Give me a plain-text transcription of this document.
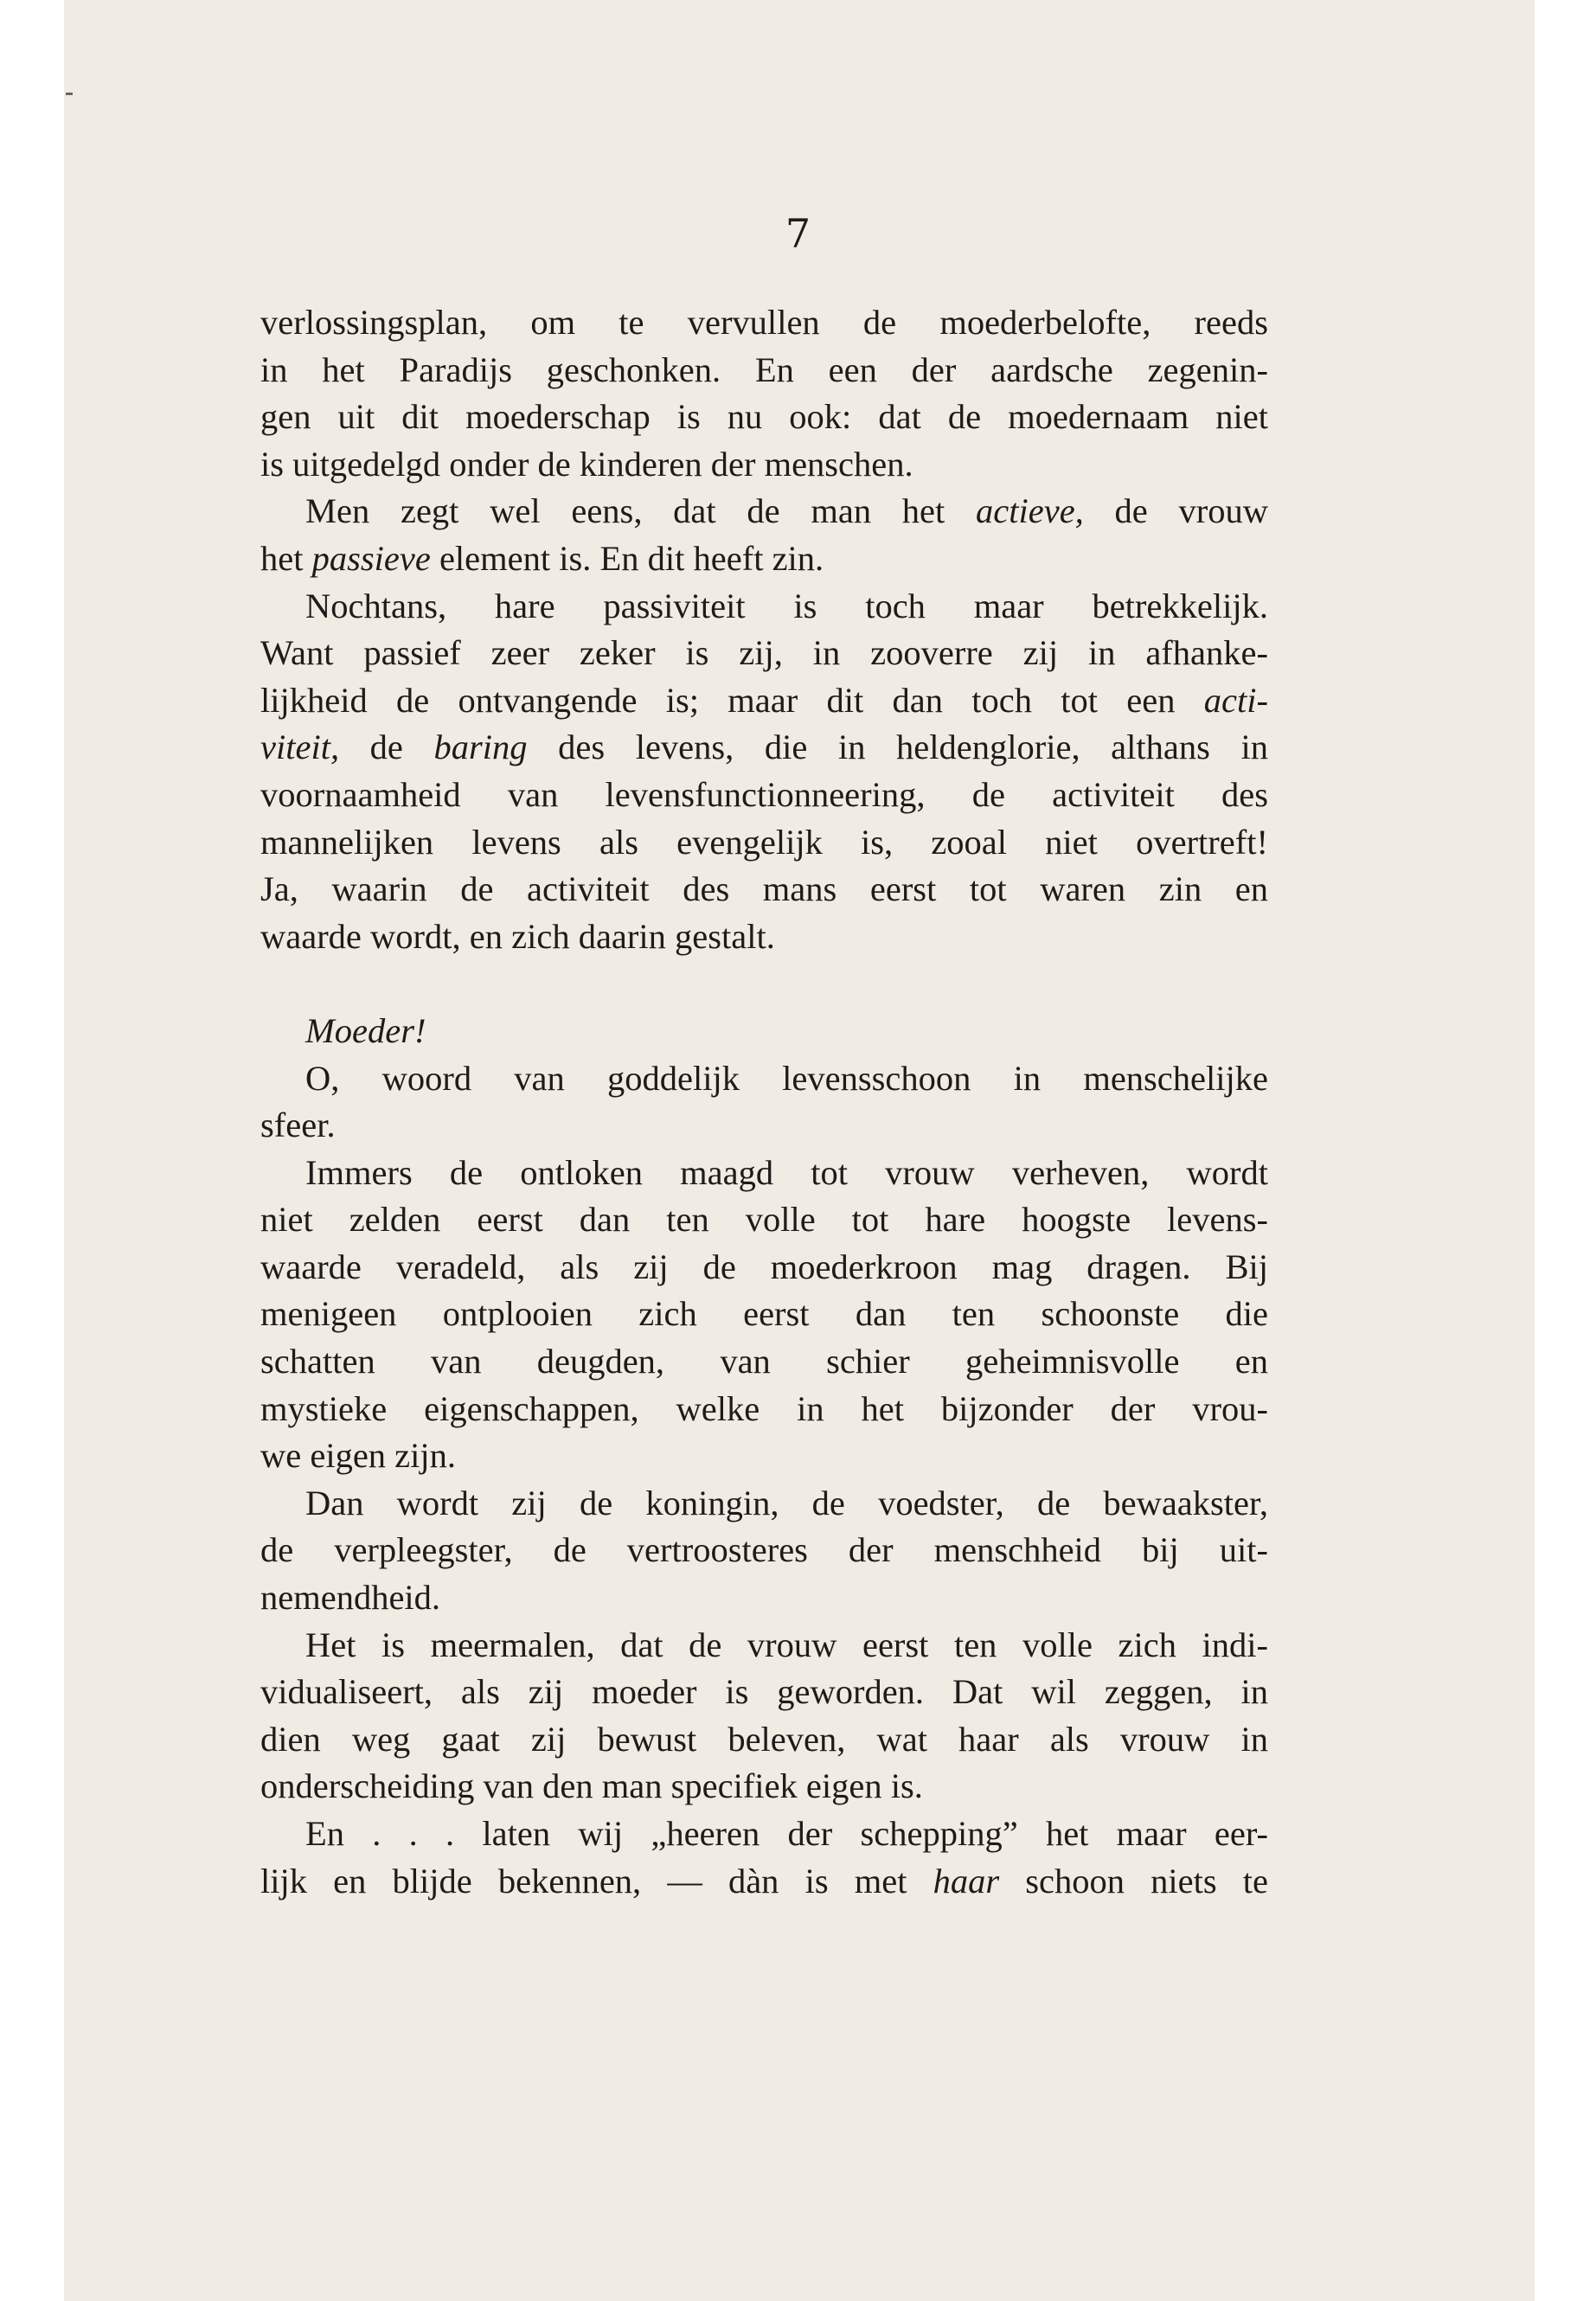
7

verlossingsplan, om te vervullen de moederbelofte, reeds
in het Paradijs geschonken. En een der aardsche zegenin-
gen uit dit moederschap is nu ook: dat de moedernaam niet
is uitgedelgd onder de kinderen der menschen.

Men zegt wel eens, dat de man het actieve, de vrouw
het passieve element is. En dit heeft zin.

Nochtans, hare passiviteit is toch maar betrekkelijk.
Want passief zeer zeker is zij, in zooverre zij in afhanke-
lijkheid de ontvangende is; maar dit dan toch tot een acti-
viteit, de baring des levens, die in heldenglorie, althans in
voornaamheid van levensfunctionneering, de activiteit des
mannelijken levens als evengelijk is, zooal niet overtreft!
Ja, waarin de activiteit des mans eerst tot waren zin en
waarde wordt, en zich daarin gestalt.

Moeder!

O, woord van goddelijk levensschoon in menschelijke
sfeer.

Immers de ontloken maagd tot vrouw verheven, wordt
niet zelden eerst dan ten volle tot hare hoogste levens-
waarde veradeld, als zij de moederkroon mag dragen. Bij
menigeen ontplooien zich eerst dan ten schoonste die
schatten van deugden, van schier geheimnisvolle en
mystieke eigenschappen, welke in het bijzonder der vrou-
we eigen zijn.

Dan wordt zij de koningin, de voedster, de bewaakster,
de verpleegster, de vertroosteres der menschheid bij uit-
nemendheid.

Het is meermalen, dat de vrouw eerst ten volle zich indi-
vidualiseert, als zij moeder is geworden. Dat wil zeggen, in
dien weg gaat zij bewust beleven, wat haar als vrouw in
onderscheiding van den man specifiek eigen is.

En . . . laten wij „heeren der schepping” het maar eer-
lijk en blijde bekennen, — dàn is met haar schoon niets te
